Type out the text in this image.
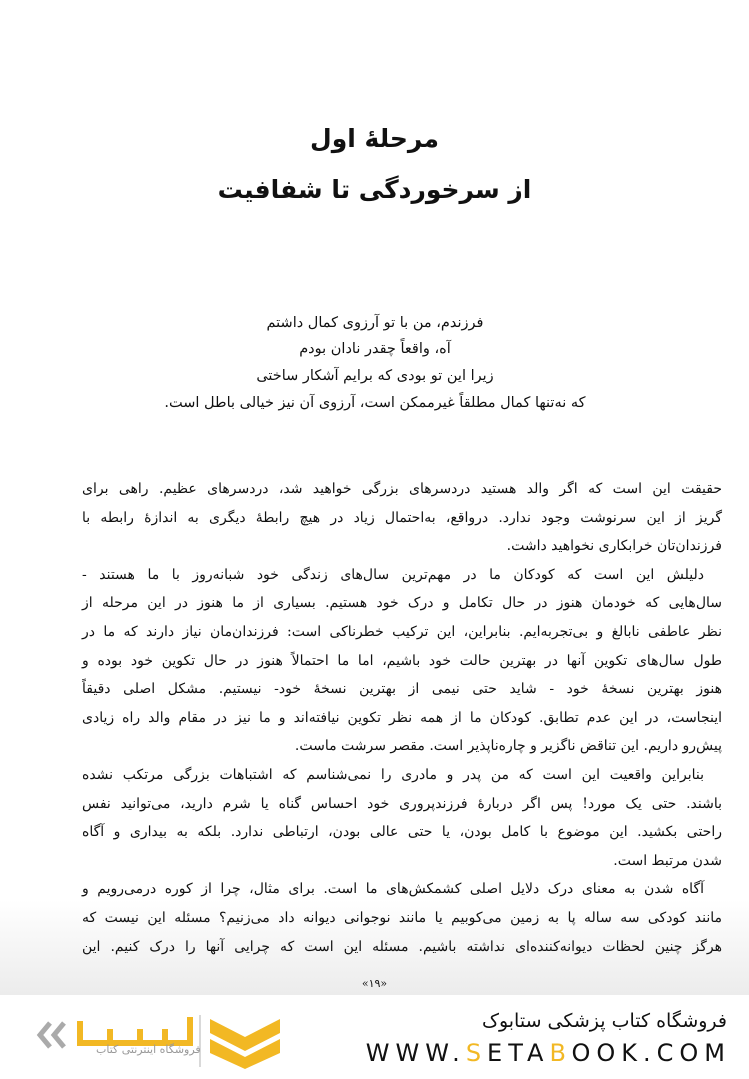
مرحلۀ اول
از سرخوردگی تا شفافیت
فرزندم، من با تو آرزوی کمال داشتم
آه، واقعاً چقدر نادان بودم
زیرا این تو بودی که برایم آشکار ساختی
که نه‌تنها کمال مطلقاً غیرممکن است، آرزوی آن نیز خیالی باطل است.
حقیقت این است که اگر والد هستید دردسرهای بزرگی خواهید شد، دردسرهای عظیم. راهی برای
گریز از این سرنوشت وجود ندارد. درواقع، به‌احتمال زیاد در هیچ رابطۀ دیگری به اندازۀ رابطه با
فرزندان‌تان خرابکاری نخواهید داشت.
دلیلش این است که کودکان ما در مهم‌ترین سال‌های زندگی خود شبانه‌روز با ما هستند -
سال‌هایی که خودمان هنوز در حال تکامل و درک خود هستیم. بسیاری از ما هنوز در این مرحله از
نظر عاطفی نابالغ و بی‌تجربه‌ایم. بنابراین، این ترکیب خطرناکی است: فرزندان‌مان نیاز دارند که ما در
طول سال‌های تکوین آنها در بهترین حالت خود باشیم، اما ما احتمالاً هنوز در حال تکوین خود بوده و
هنوز بهترین نسخۀ خود - شاید حتی نیمی از بهترین نسخۀ خود- نیستیم. مشکل اصلی دقیقاً
اینجاست، در این عدم تطابق. کودکان ما از همه نظر تکوین نیافته‌اند و ما نیز در مقام والد راه زیادی
پیش‌رو داریم. این تناقض ناگزیر و چاره‌ناپذیر است. مقصر سرشت ماست.
بنابراین واقعیت این است که من پدر و مادری را نمی‌شناسم که اشتباهات بزرگی مرتکب نشده
باشند. حتی یک مورد! پس اگر دربارۀ فرزندپروری خود احساس گناه یا شرم دارید، می‌توانید نفس
راحتی بکشید. این موضوع با کامل بودن، یا حتی عالی بودن، ارتباطی ندارد. بلکه به بیداری و آگاه
شدن مرتبط است.
آگاه شدن به معنای درک دلایل اصلی کشمکش‌های ما است. برای مثال، چرا از کوره درمی‌رویم و
مانند کودکی سه ساله پا به زمین می‌کوبیم یا مانند نوجوانی دیوانه داد می‌زنیم؟ مسئله این نیست که
هرگز چنین لحظات دیوانه‌کننده‌ای نداشته باشیم. مسئله این است که چرایی آنها را درک کنیم. این
«۱۹»
فروشگاه اینترنتی کتاب
فروشگاه کتاب پزشکی ستابوک
WWW.SETABOOK.COM
